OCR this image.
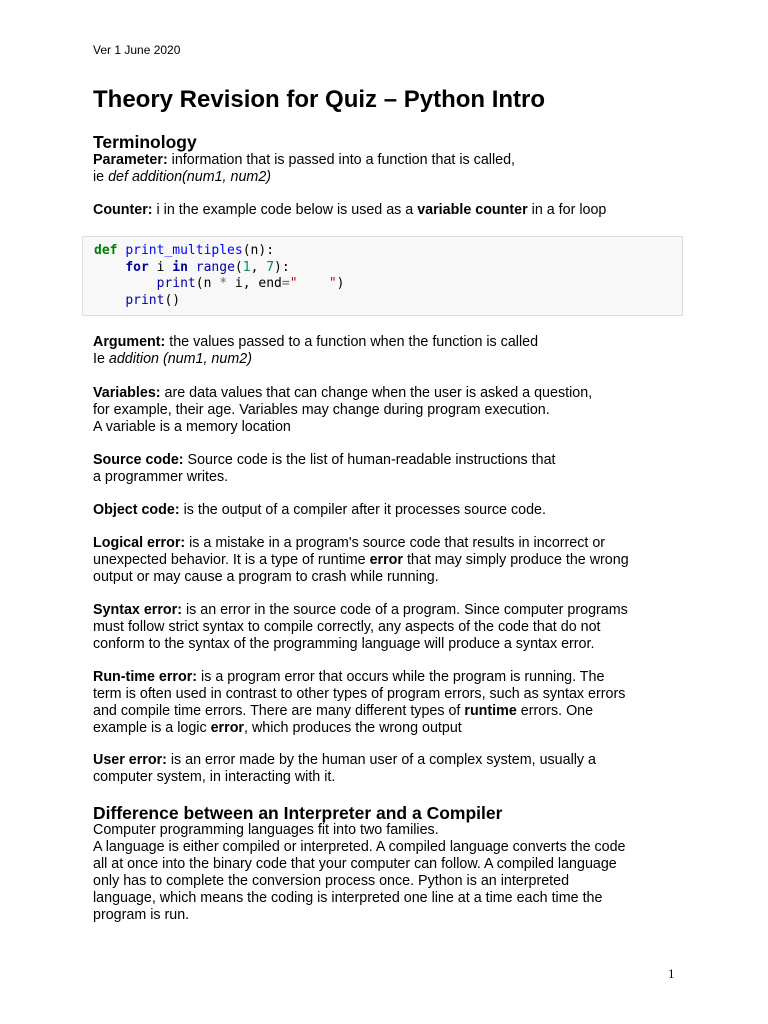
Ver 1 June 2020
Theory Revision for Quiz – Python Intro
Terminology

Parameter: information that is passed into a function that is called,

ie def addition(num1, num2)

Counter: i in the example code below is used as a variable counter in a for loop

def print_multiples(n):
for i in range(1, 7):
print(n * i, end="    ")
print()

Argument: the values passed to a function when the function is called

Ie addition (num1, num2)

Variables: are data values that can change when the user is asked a question,

for example, their age. Variables may change during program execution.

A variable is a memory location

Source code: Source code is the list of human-readable instructions that

a programmer writes.

Object code: is the output of a compiler after it processes source code.

Logical error: is a mistake in a program's source code that results in incorrect or

unexpected behavior. It is a type of runtime error that may simply produce the wrong

output or may cause a program to crash while running.

Syntax error: is an error in the source code of a program. Since computer programs

must follow strict syntax to compile correctly, any aspects of the code that do not

conform to the syntax of the programming language will produce a syntax error.

Run-time error: is a program error that occurs while the program is running. The

term is often used in contrast to other types of program errors, such as syntax errors

and compile time errors. There are many different types of runtime errors. One

example is a logic error, which produces the wrong output

User error: is an error made by the human user of a complex system, usually a

computer system, in interacting with it.

Difference between an Interpreter and a Compiler

Computer programming languages fit into two families.

A language is either compiled or interpreted. A compiled language converts the code

all at once into the binary code that your computer can follow. A compiled language

only has to complete the conversion process once. Python is an interpreted

language, which means the coding is interpreted one line at a time each time the

program is run.

1
